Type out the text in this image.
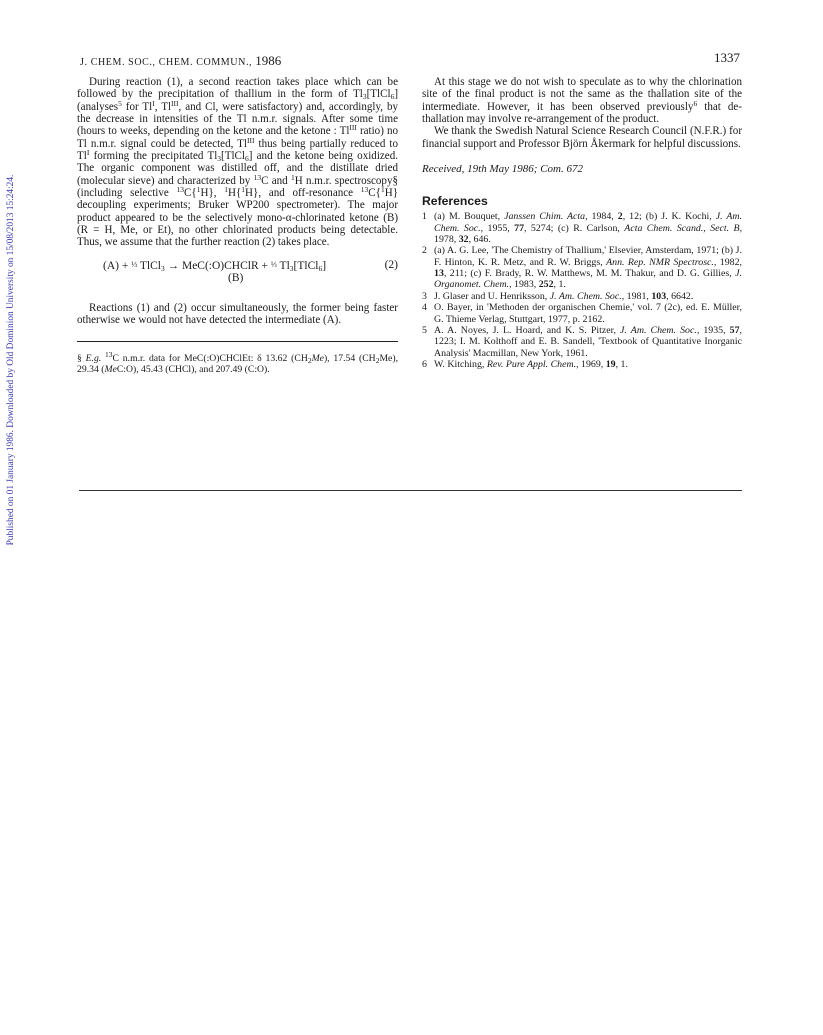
Published on 01 January 1986. Downloaded by Old Dominion University on 15/08/2013 15:24:24.
J. CHEM. SOC., CHEM. COMMUN., 1986	1337

During reaction (1), a second reaction takes place which can be followed by the precipitation of thallium in the form of $Tl_3[TlCl_6]$ (analyses$^5$ for $Tl^I$, $Tl^{III}$, and Cl, were satisfactory) and, accordingly, by the decrease in intensities of the Tl n.m.r. signals. After some time (hours to weeks, depending on the ketone and the ketone : $Tl^{III}$ ratio) no Tl n.m.r. signal could be detected, $Tl^{III}$ thus being partially reduced to $Tl^I$ forming the precipitated $Tl_3[TlCl_6]$ and the ketone being oxidized. The organic component was distilled off, and the distillate dried (molecular sieve) and characterized by $^{13}$C and $^1$H n.m.r. spectroscopy§ (including selective $^{13}$C{$^1$H}, $^1$H{$^1$H}, and off-resonance $^{13}$C{$^1$H} decoupling experiments; Bruker WP200 spectrometer). The major product appeared to be the selectively mono-α-chlorinated ketone (B) (R = H, Me, or Et), no other chlorinated products being detectable. Thus, we assume that the further reaction (2) takes place.

(A) + ⅓ TlCl$_3$ → MeC(:O)CHClR + ⅓ $Tl_3[TlCl_6]$	(2)
(B)

Reactions (1) and (2) occur simultaneously, the former being faster otherwise we would not have detected the intermediate (A).

§ E.g. $^{13}$C n.m.r. data for MeC(:O)CHClEt: δ 13.62 $(CH_2Me)$, 17.54 $(CH_2Me)$, 29.34 (MeC:O), 45.43 (CHCl), and 207.49 (C:O).

At this stage we do not wish to speculate as to why the chlorination site of the final product is not the same as the thallation site of the intermediate. However, it has been observed previously$^6$ that de-thallation may involve re-arrangement of the product.

We thank the Swedish Natural Science Research Council (N.F.R.) for financial support and Professor Björn Åkermark for helpful discussions.

Received, 19th May 1986; Com. 672

References

1 (a) M. Bouquet, Janssen Chim. Acta, 1984, 2, 12; (b) J. K. Kochi, J. Am. Chem. Soc., 1955, 77, 5274; (c) R. Carlson, Acta Chem. Scand., Sect. B, 1978, 32, 646.

2 (a) A. G. Lee, 'The Chemistry of Thallium,' Elsevier, Amsterdam, 1971; (b) J. F. Hinton, K. R. Metz, and R. W. Briggs, Ann. Rep. NMR Spectrosc., 1982, 13, 211; (c) F. Brady, R. W. Matthews, M. M. Thakur, and D. G. Gillies, J. Organomet. Chem., 1983, 252, 1.

3 J. Glaser and U. Henriksson, J. Am. Chem. Soc., 1981, 103, 6642.

4 O. Bayer, in 'Methoden der organischen Chemie,' vol. 7 (2c), ed. E. Müller, G. Thieme Verlag, Stuttgart, 1977, p. 2162.

5 A. A. Noyes, J. L. Hoard, and K. S. Pitzer, J. Am. Chem. Soc., 1935, 57, 1223; I. M. Kolthoff and E. B. Sandell, 'Textbook of Quantitative Inorganic Analysis' Macmillan, New York, 1961.

6 W. Kitching, Rev. Pure Appl. Chem., 1969, 19, 1.
